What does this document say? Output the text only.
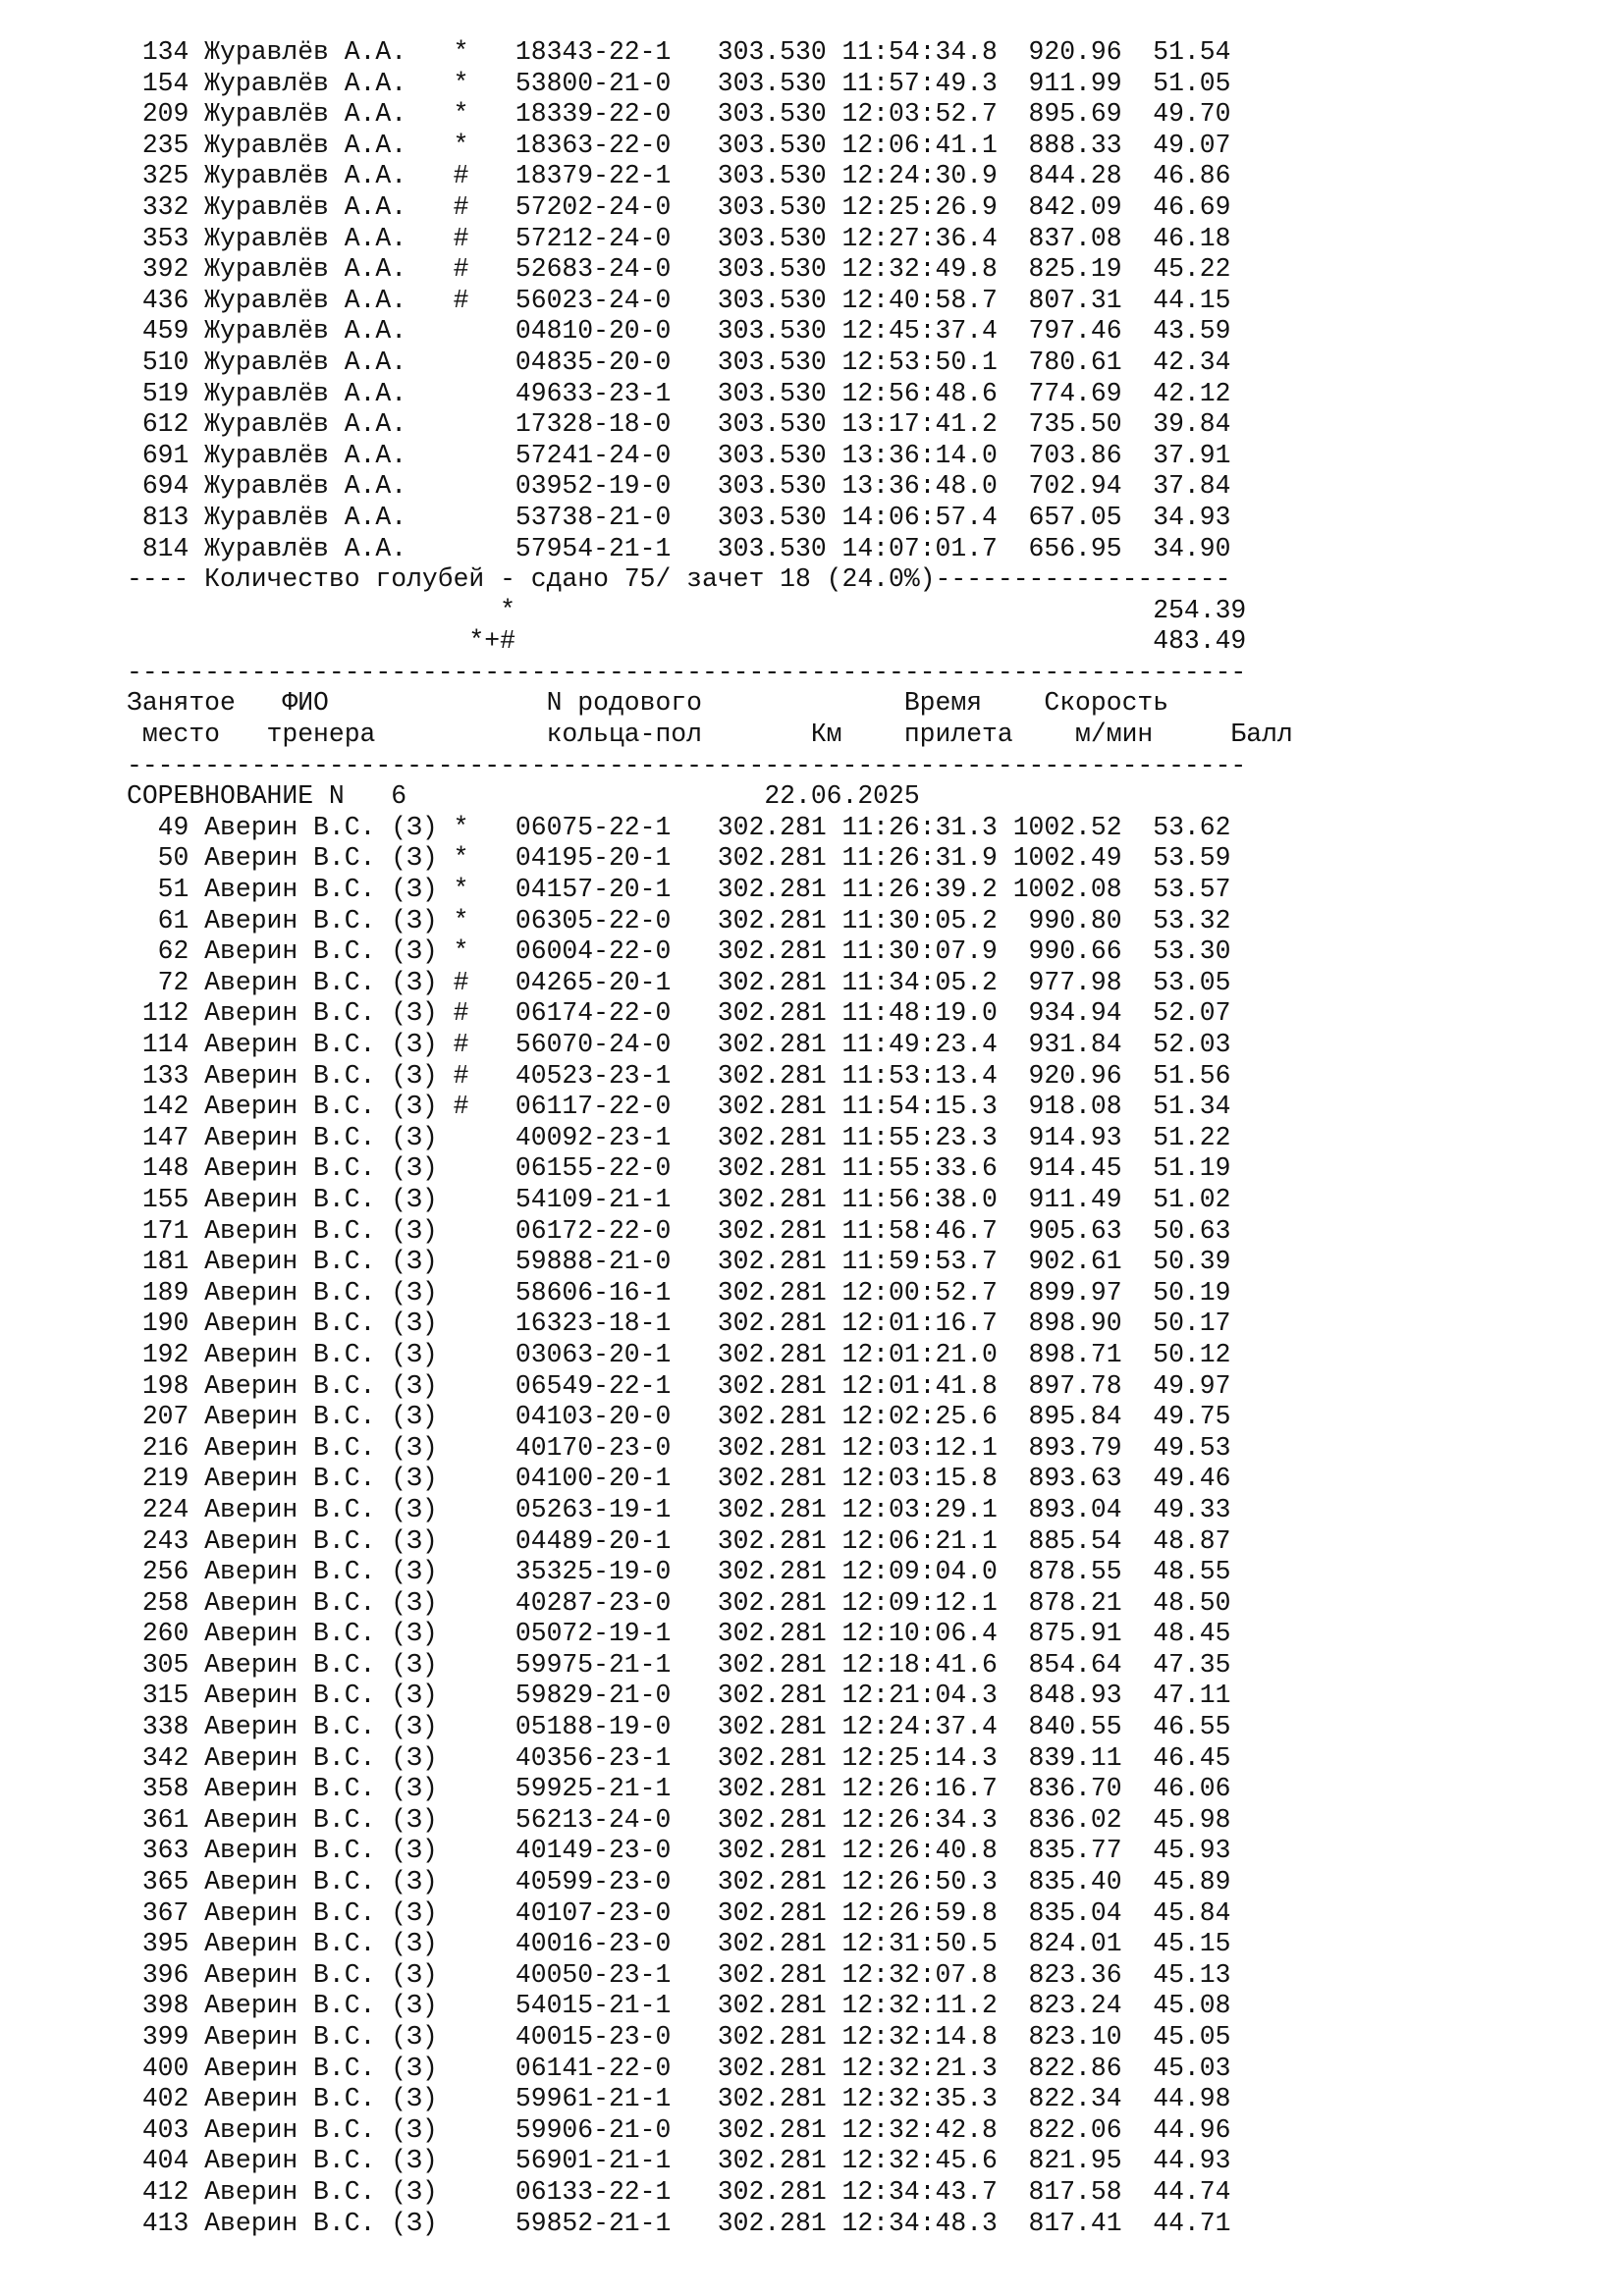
134 Журавлёв А.А.   *   18343-22-1   303.530 11:54:34.8  920.96  51.54
154 Журавлёв А.А.   *   53800-21-0   303.530 11:57:49.3  911.99  51.05
209 Журавлёв А.А.   *   18339-22-0   303.530 12:03:52.7  895.69  49.70
235 Журавлёв А.А.   *   18363-22-0   303.530 12:06:41.1  888.33  49.07
325 Журавлёв А.А.   #   18379-22-1   303.530 12:24:30.9  844.28  46.86
332 Журавлёв А.А.   #   57202-24-0   303.530 12:25:26.9  842.09  46.69
353 Журавлёв А.А.   #   57212-24-0   303.530 12:27:36.4  837.08  46.18
392 Журавлёв А.А.   #   52683-24-0   303.530 12:32:49.8  825.19  45.22
436 Журавлёв А.А.   #   56023-24-0   303.530 12:40:58.7  807.31  44.15
459 Журавлёв А.А.       04810-20-0   303.530 12:45:37.4  797.46  43.59
510 Журавлёв А.А.       04835-20-0   303.530 12:53:50.1  780.61  42.34
519 Журавлёв А.А.       49633-23-1   303.530 12:56:48.6  774.69  42.12
612 Журавлёв А.А.       17328-18-0   303.530 13:17:41.2  735.50  39.84
691 Журавлёв А.А.       57241-24-0   303.530 13:36:14.0  703.86  37.91
694 Журавлёв А.А.       03952-19-0   303.530 13:36:48.0  702.94  37.84
813 Журавлёв А.А.       53738-21-0   303.530 14:06:57.4  657.05  34.93
814 Журавлёв А.А.       57954-21-1   303.530 14:07:01.7  656.95  34.90
---- Количество голубей - сдано 75/ зачет 18 (24.0%)-------------------
*                                         254.39
*+#                                         483.49
------------------------------------------------------------------------
Занятое   ФИО              N родового             Время    Скорость
место   тренера           кольца-пол       Км    прилета    м/мин     Балл
------------------------------------------------------------------------
СОРЕВНОВАНИЕ N   6                       22.06.2025
49 Аверин В.С. (З) *   06075-22-1   302.281 11:26:31.3 1002.52  53.62
50 Аверин В.С. (З) *   04195-20-1   302.281 11:26:31.9 1002.49  53.59
51 Аверин В.С. (З) *   04157-20-1   302.281 11:26:39.2 1002.08  53.57
61 Аверин В.С. (З) *   06305-22-0   302.281 11:30:05.2  990.80  53.32
62 Аверин В.С. (З) *   06004-22-0   302.281 11:30:07.9  990.66  53.30
72 Аверин В.С. (З) #   04265-20-1   302.281 11:34:05.2  977.98  53.05
112 Аверин В.С. (З) #   06174-22-0   302.281 11:48:19.0  934.94  52.07
114 Аверин В.С. (З) #   56070-24-0   302.281 11:49:23.4  931.84  52.03
133 Аверин В.С. (З) #   40523-23-1   302.281 11:53:13.4  920.96  51.56
142 Аверин В.С. (З) #   06117-22-0   302.281 11:54:15.3  918.08  51.34
147 Аверин В.С. (З)     40092-23-1   302.281 11:55:23.3  914.93  51.22
148 Аверин В.С. (З)     06155-22-0   302.281 11:55:33.6  914.45  51.19
155 Аверин В.С. (З)     54109-21-1   302.281 11:56:38.0  911.49  51.02
171 Аверин В.С. (З)     06172-22-0   302.281 11:58:46.7  905.63  50.63
181 Аверин В.С. (З)     59888-21-0   302.281 11:59:53.7  902.61  50.39
189 Аверин В.С. (З)     58606-16-1   302.281 12:00:52.7  899.97  50.19
190 Аверин В.С. (З)     16323-18-1   302.281 12:01:16.7  898.90  50.17
192 Аверин В.С. (З)     03063-20-1   302.281 12:01:21.0  898.71  50.12
198 Аверин В.С. (З)     06549-22-1   302.281 12:01:41.8  897.78  49.97
207 Аверин В.С. (З)     04103-20-0   302.281 12:02:25.6  895.84  49.75
216 Аверин В.С. (З)     40170-23-0   302.281 12:03:12.1  893.79  49.53
219 Аверин В.С. (З)     04100-20-1   302.281 12:03:15.8  893.63  49.46
224 Аверин В.С. (З)     05263-19-1   302.281 12:03:29.1  893.04  49.33
243 Аверин В.С. (З)     04489-20-1   302.281 12:06:21.1  885.54  48.87
256 Аверин В.С. (З)     35325-19-0   302.281 12:09:04.0  878.55  48.55
258 Аверин В.С. (З)     40287-23-0   302.281 12:09:12.1  878.21  48.50
260 Аверин В.С. (З)     05072-19-1   302.281 12:10:06.4  875.91  48.45
305 Аверин В.С. (З)     59975-21-1   302.281 12:18:41.6  854.64  47.35
315 Аверин В.С. (З)     59829-21-0   302.281 12:21:04.3  848.93  47.11
338 Аверин В.С. (З)     05188-19-0   302.281 12:24:37.4  840.55  46.55
342 Аверин В.С. (З)     40356-23-1   302.281 12:25:14.3  839.11  46.45
358 Аверин В.С. (З)     59925-21-1   302.281 12:26:16.7  836.70  46.06
361 Аверин В.С. (З)     56213-24-0   302.281 12:26:34.3  836.02  45.98
363 Аверин В.С. (З)     40149-23-0   302.281 12:26:40.8  835.77  45.93
365 Аверин В.С. (З)     40599-23-0   302.281 12:26:50.3  835.40  45.89
367 Аверин В.С. (З)     40107-23-0   302.281 12:26:59.8  835.04  45.84
395 Аверин В.С. (З)     40016-23-0   302.281 12:31:50.5  824.01  45.15
396 Аверин В.С. (З)     40050-23-1   302.281 12:32:07.8  823.36  45.13
398 Аверин В.С. (З)     54015-21-1   302.281 12:32:11.2  823.24  45.08
399 Аверин В.С. (З)     40015-23-0   302.281 12:32:14.8  823.10  45.05
400 Аверин В.С. (З)     06141-22-0   302.281 12:32:21.3  822.86  45.03
402 Аверин В.С. (З)     59961-21-1   302.281 12:32:35.3  822.34  44.98
403 Аверин В.С. (З)     59906-21-0   302.281 12:32:42.8  822.06  44.96
404 Аверин В.С. (З)     56901-21-1   302.281 12:32:45.6  821.95  44.93
412 Аверин В.С. (З)     06133-22-1   302.281 12:34:43.7  817.58  44.74
413 Аверин В.С. (З)     59852-21-1   302.281 12:34:48.3  817.41  44.71
